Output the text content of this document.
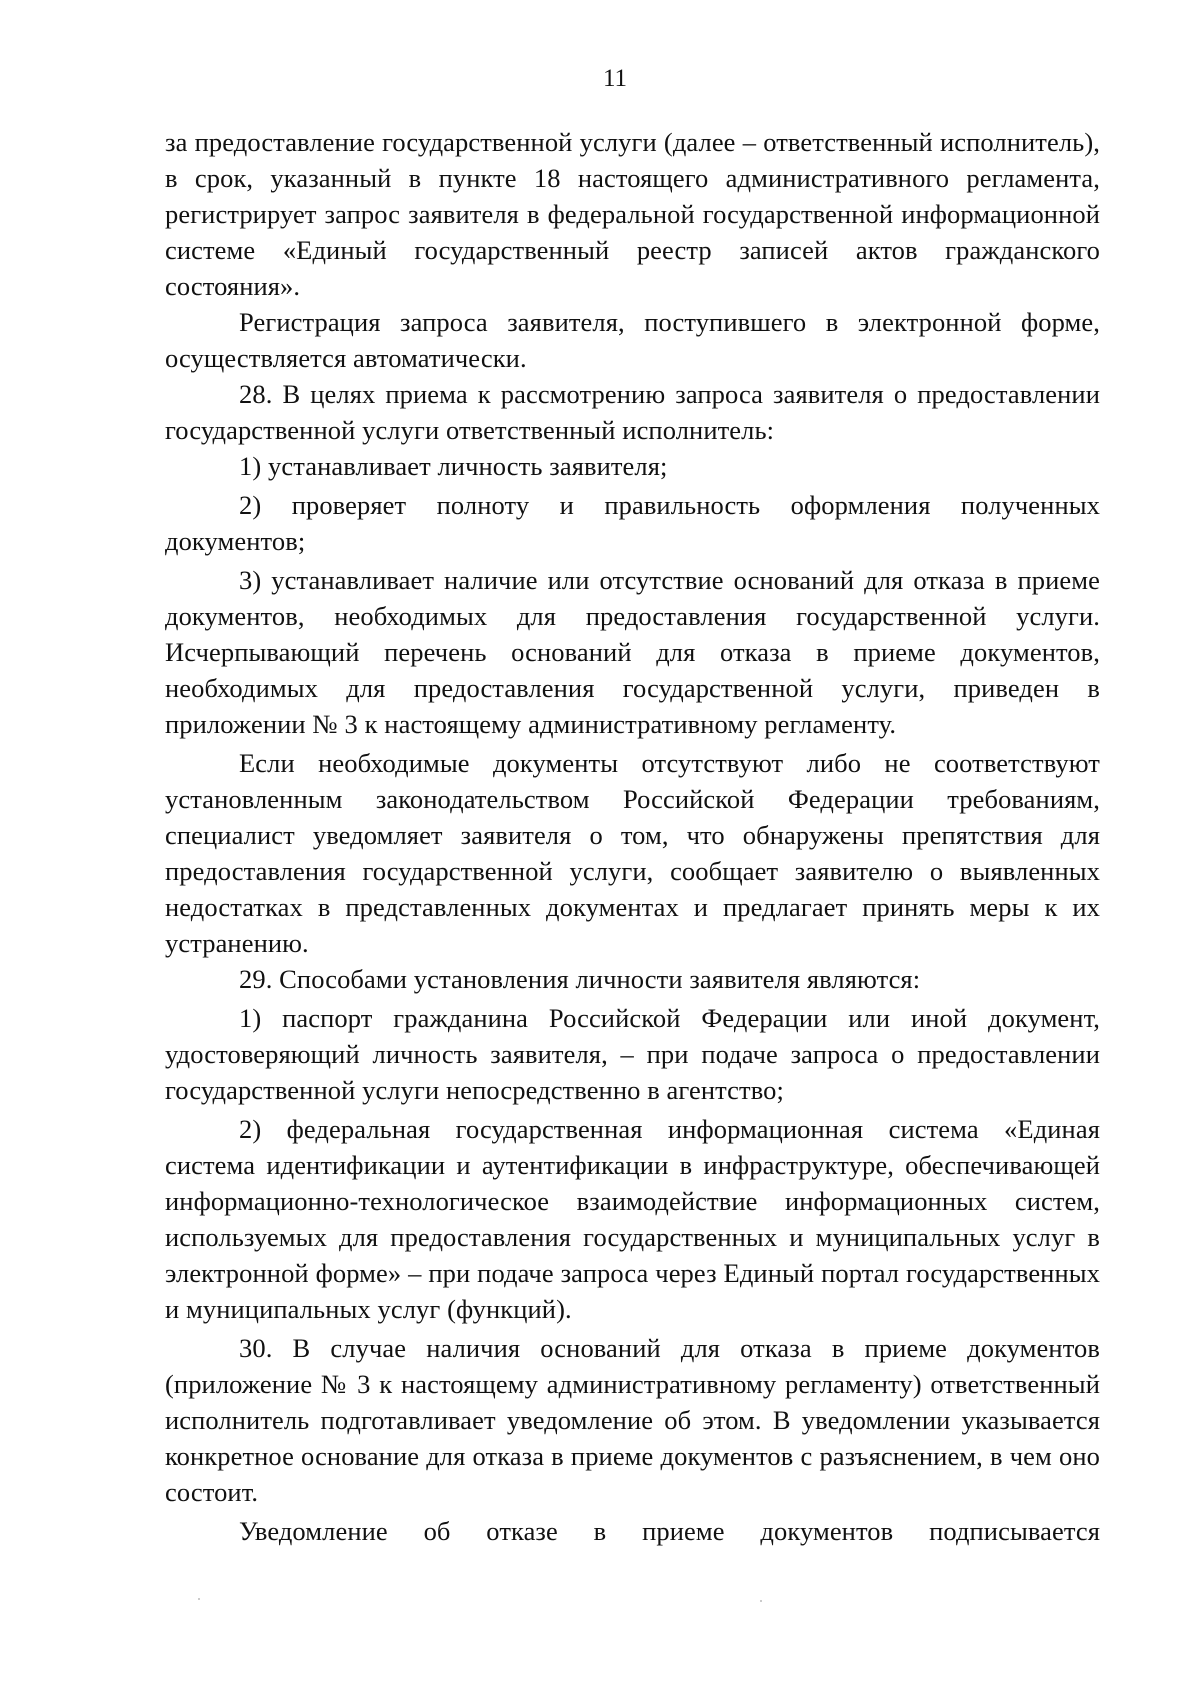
11

за предоставление государственной услуги (далее – ответственный исполнитель), в срок, указанный в пункте 18 настоящего административного регламента, регистрирует запрос заявителя в федеральной государственной информационной системе «Единый государственный реестр записей актов гражданского состояния».

Регистрация запроса заявителя, поступившего в электронной форме, осуществляется автоматически.

28. В целях приема к рассмотрению запроса заявителя о предоставлении государственной услуги ответственный исполнитель:

1) устанавливает личность заявителя;

2) проверяет полноту и правильность оформления полученных документов;

3) устанавливает наличие или отсутствие оснований для отказа в приеме документов, необходимых для предоставления государственной услуги. Исчерпывающий перечень оснований для отказа в приеме документов, необходимых для предоставления государственной услуги, приведен в приложении № 3 к настоящему административному регламенту.

Если необходимые документы отсутствуют либо не соответствуют установленным законодательством Российской Федерации требованиям, специалист уведомляет заявителя о том, что обнаружены препятствия для предоставления государственной услуги, сообщает заявителю о выявленных недостатках в представленных документах и предлагает принять меры к их устранению.

29. Способами установления личности заявителя являются:

1) паспорт гражданина Российской Федерации или иной документ, удостоверяющий личность заявителя, – при подаче запроса о предоставлении государственной услуги непосредственно в агентство;

2) федеральная государственная информационная система «Единая система идентификации и аутентификации в инфраструктуре, обеспечивающей информационно-технологическое взаимодействие информационных систем, используемых для предоставления государственных и муниципальных услуг в электронной форме» – при подаче запроса через Единый портал государственных и муниципальных услуг (функций).

30. В случае наличия оснований для отказа в приеме документов (приложение № 3 к настоящему административному регламенту) ответственный исполнитель подготавливает уведомление об этом. В уведомлении указывается конкретное основание для отказа в приеме документов с разъяснением, в чем оно состоит.

Уведомление об отказе в приеме документов подписывается
